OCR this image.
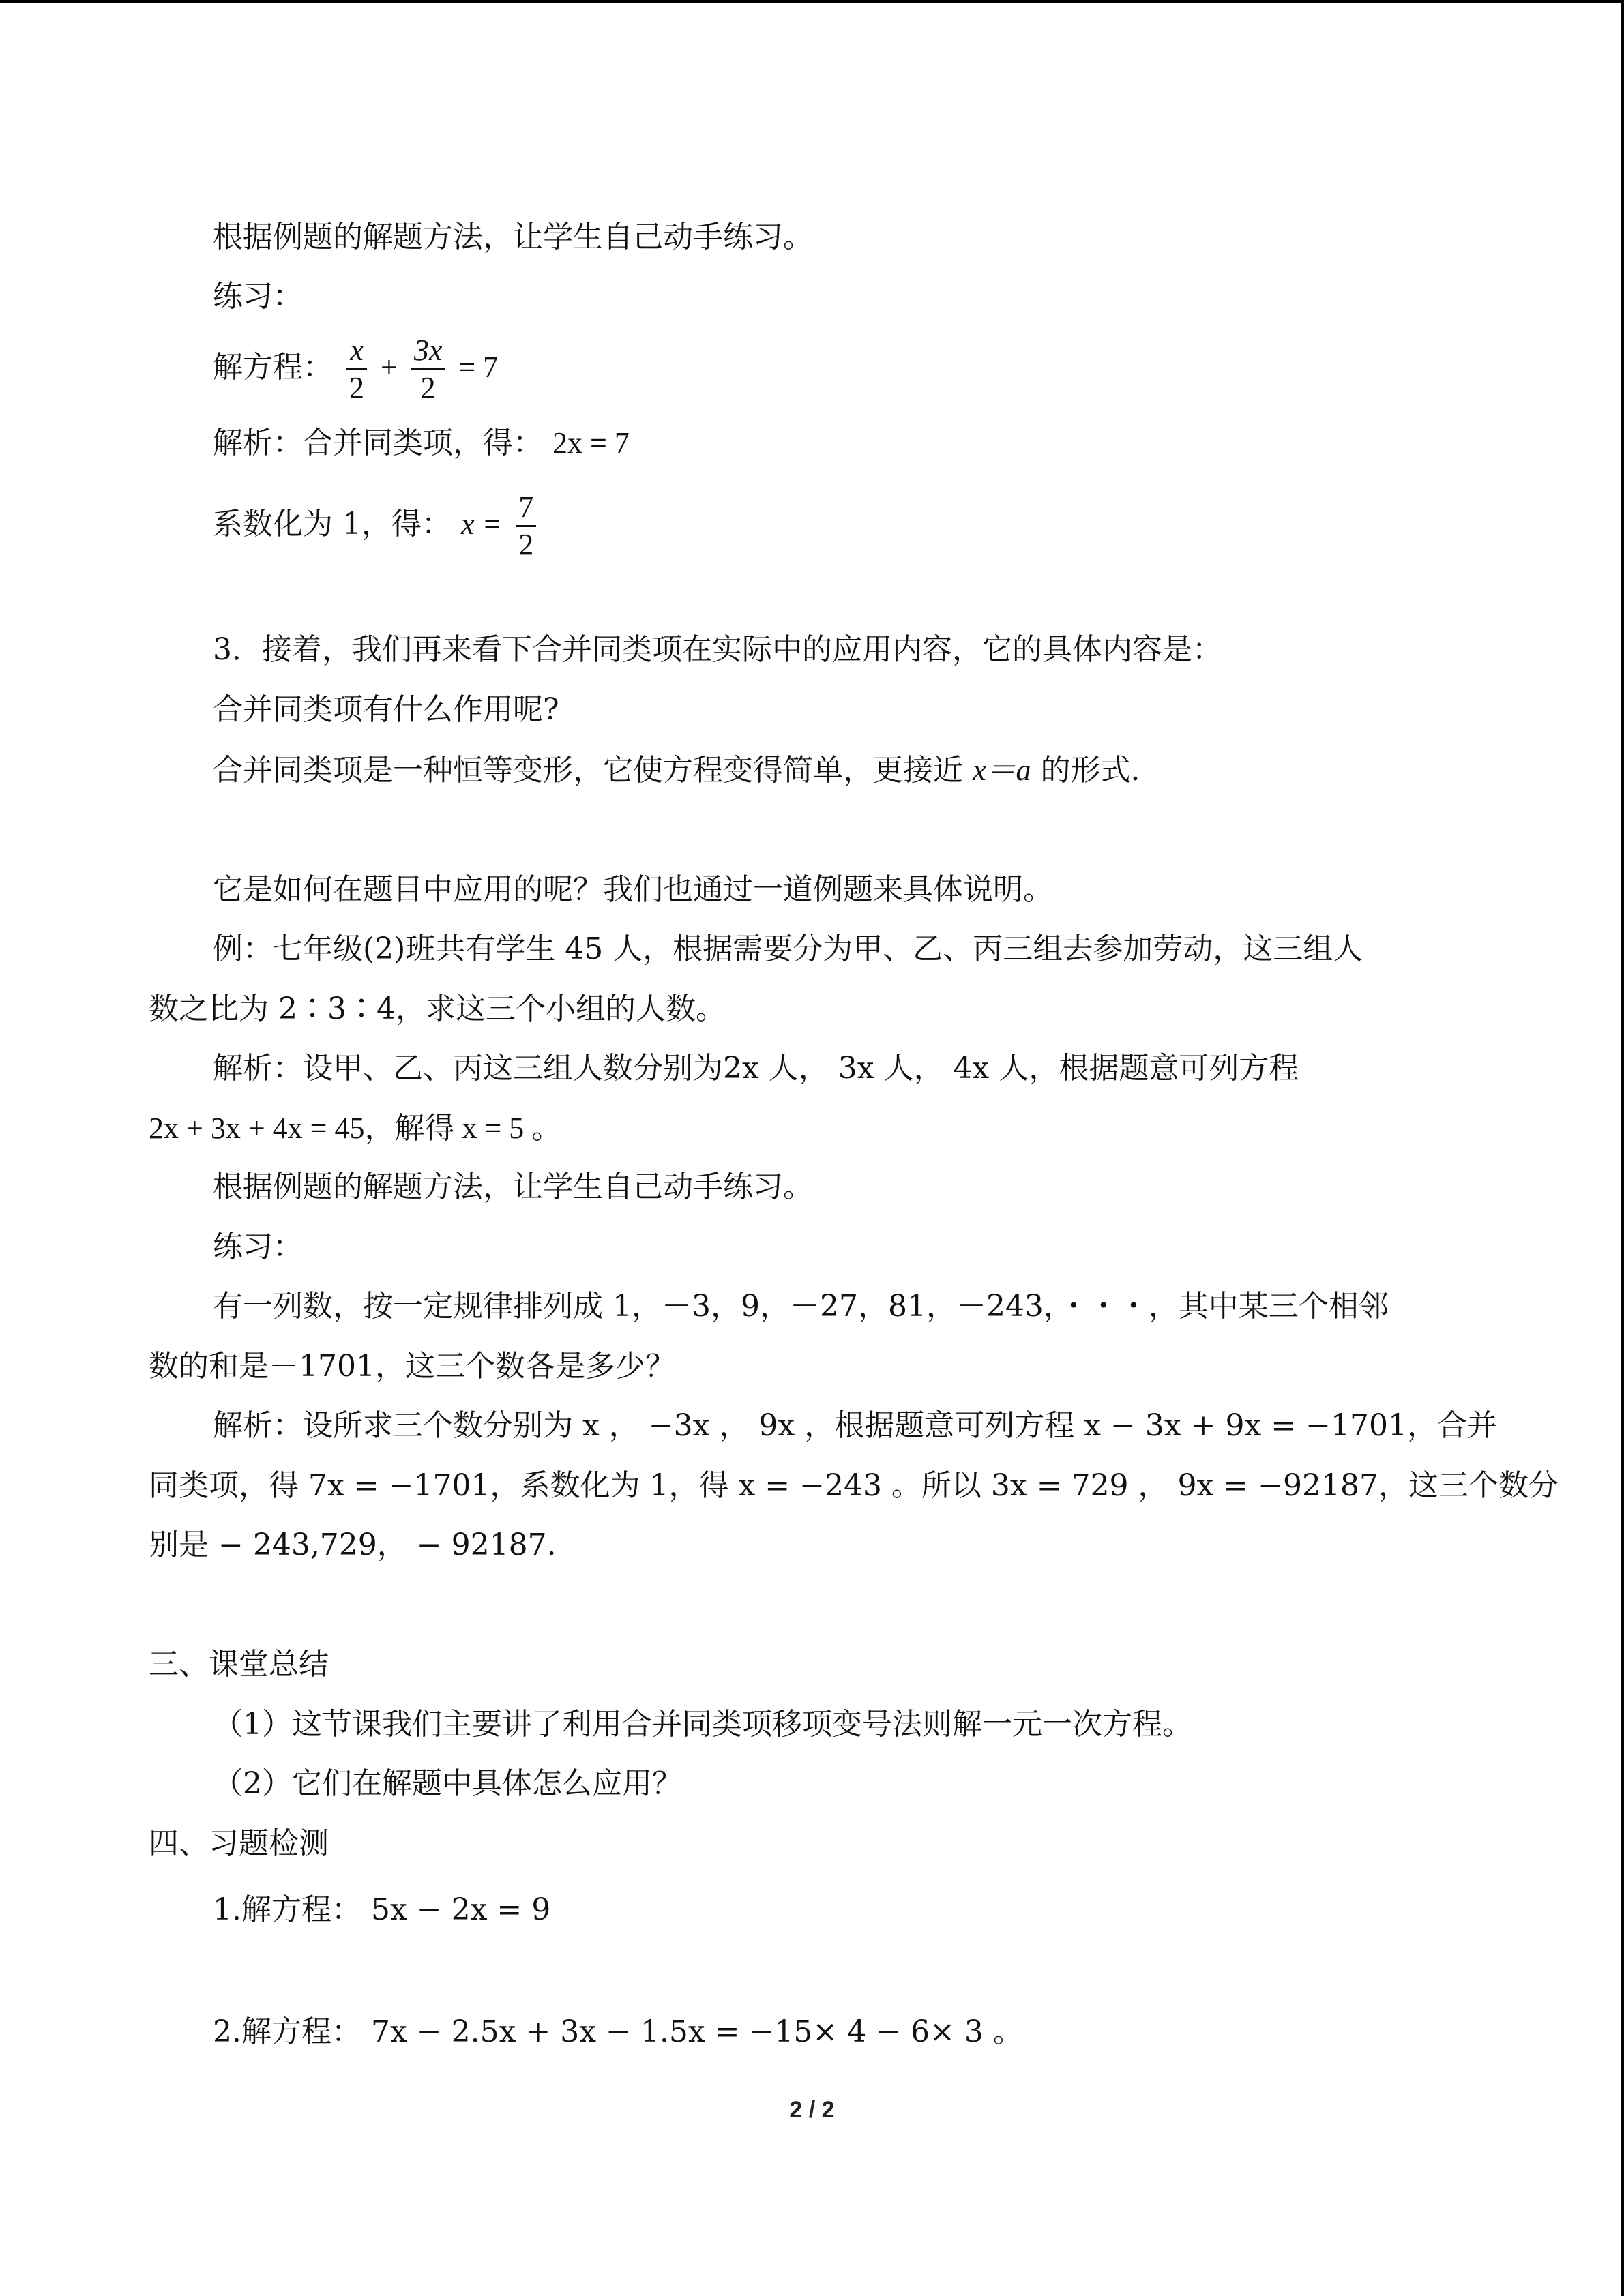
根据例题的解题方法，让学生自己动手练习。
练习：
解方程： $\frac{x}{2} + \frac{3x}{2} = 7$
解析：合并同类项，得： 2x = 7
系数化为 1，得： $x = \frac{7}{2}$
3．接着，我们再来看下合并同类项在实际中的应用内容，它的具体内容是：
合并同类项有什么作用呢?
合并同类项是一种恒等变形，它使方程变得简单，更接近 x＝a 的形式.
它是如何在题目中应用的呢？我们也通过一道例题来具体说明。
例：七年级(2)班共有学生 45 人，根据需要分为甲、乙、丙三组去参加劳动，这三组人
数之比为 2∶3∶4，求这三个小组的人数。
解析：设甲、乙、丙这三组人数分别为2x 人， 3x 人， 4x 人，根据题意可列方程
2x + 3x + 4x = 45，解得 x = 5 。
根据例题的解题方法，让学生自己动手练习。
练习：
有一列数，按一定规律排列成 1，－3，9，－27，81，－243，・・・，其中某三个相邻
数的和是－1701，这三个数各是多少？
解析：设所求三个数分别为 x ， −3x ， 9x ，根据题意可列方程 x − 3x + 9x = −1701，合并
同类项，得 7x = −1701，系数化为 1，得 x = −243 。所以 3x = 729 ， 9x = −92187，这三个数分
别是 − 243,729， − 92187.
三、课堂总结
（1）这节课我们主要讲了利用合并同类项移项变号法则解一元一次方程。
（2）它们在解题中具体怎么应用？
四、习题检测
1.解方程： 5x − 2x = 9
2.解方程： 7x − 2.5x + 3x − 1.5x = −15× 4 − 6× 3 。
2 / 2
